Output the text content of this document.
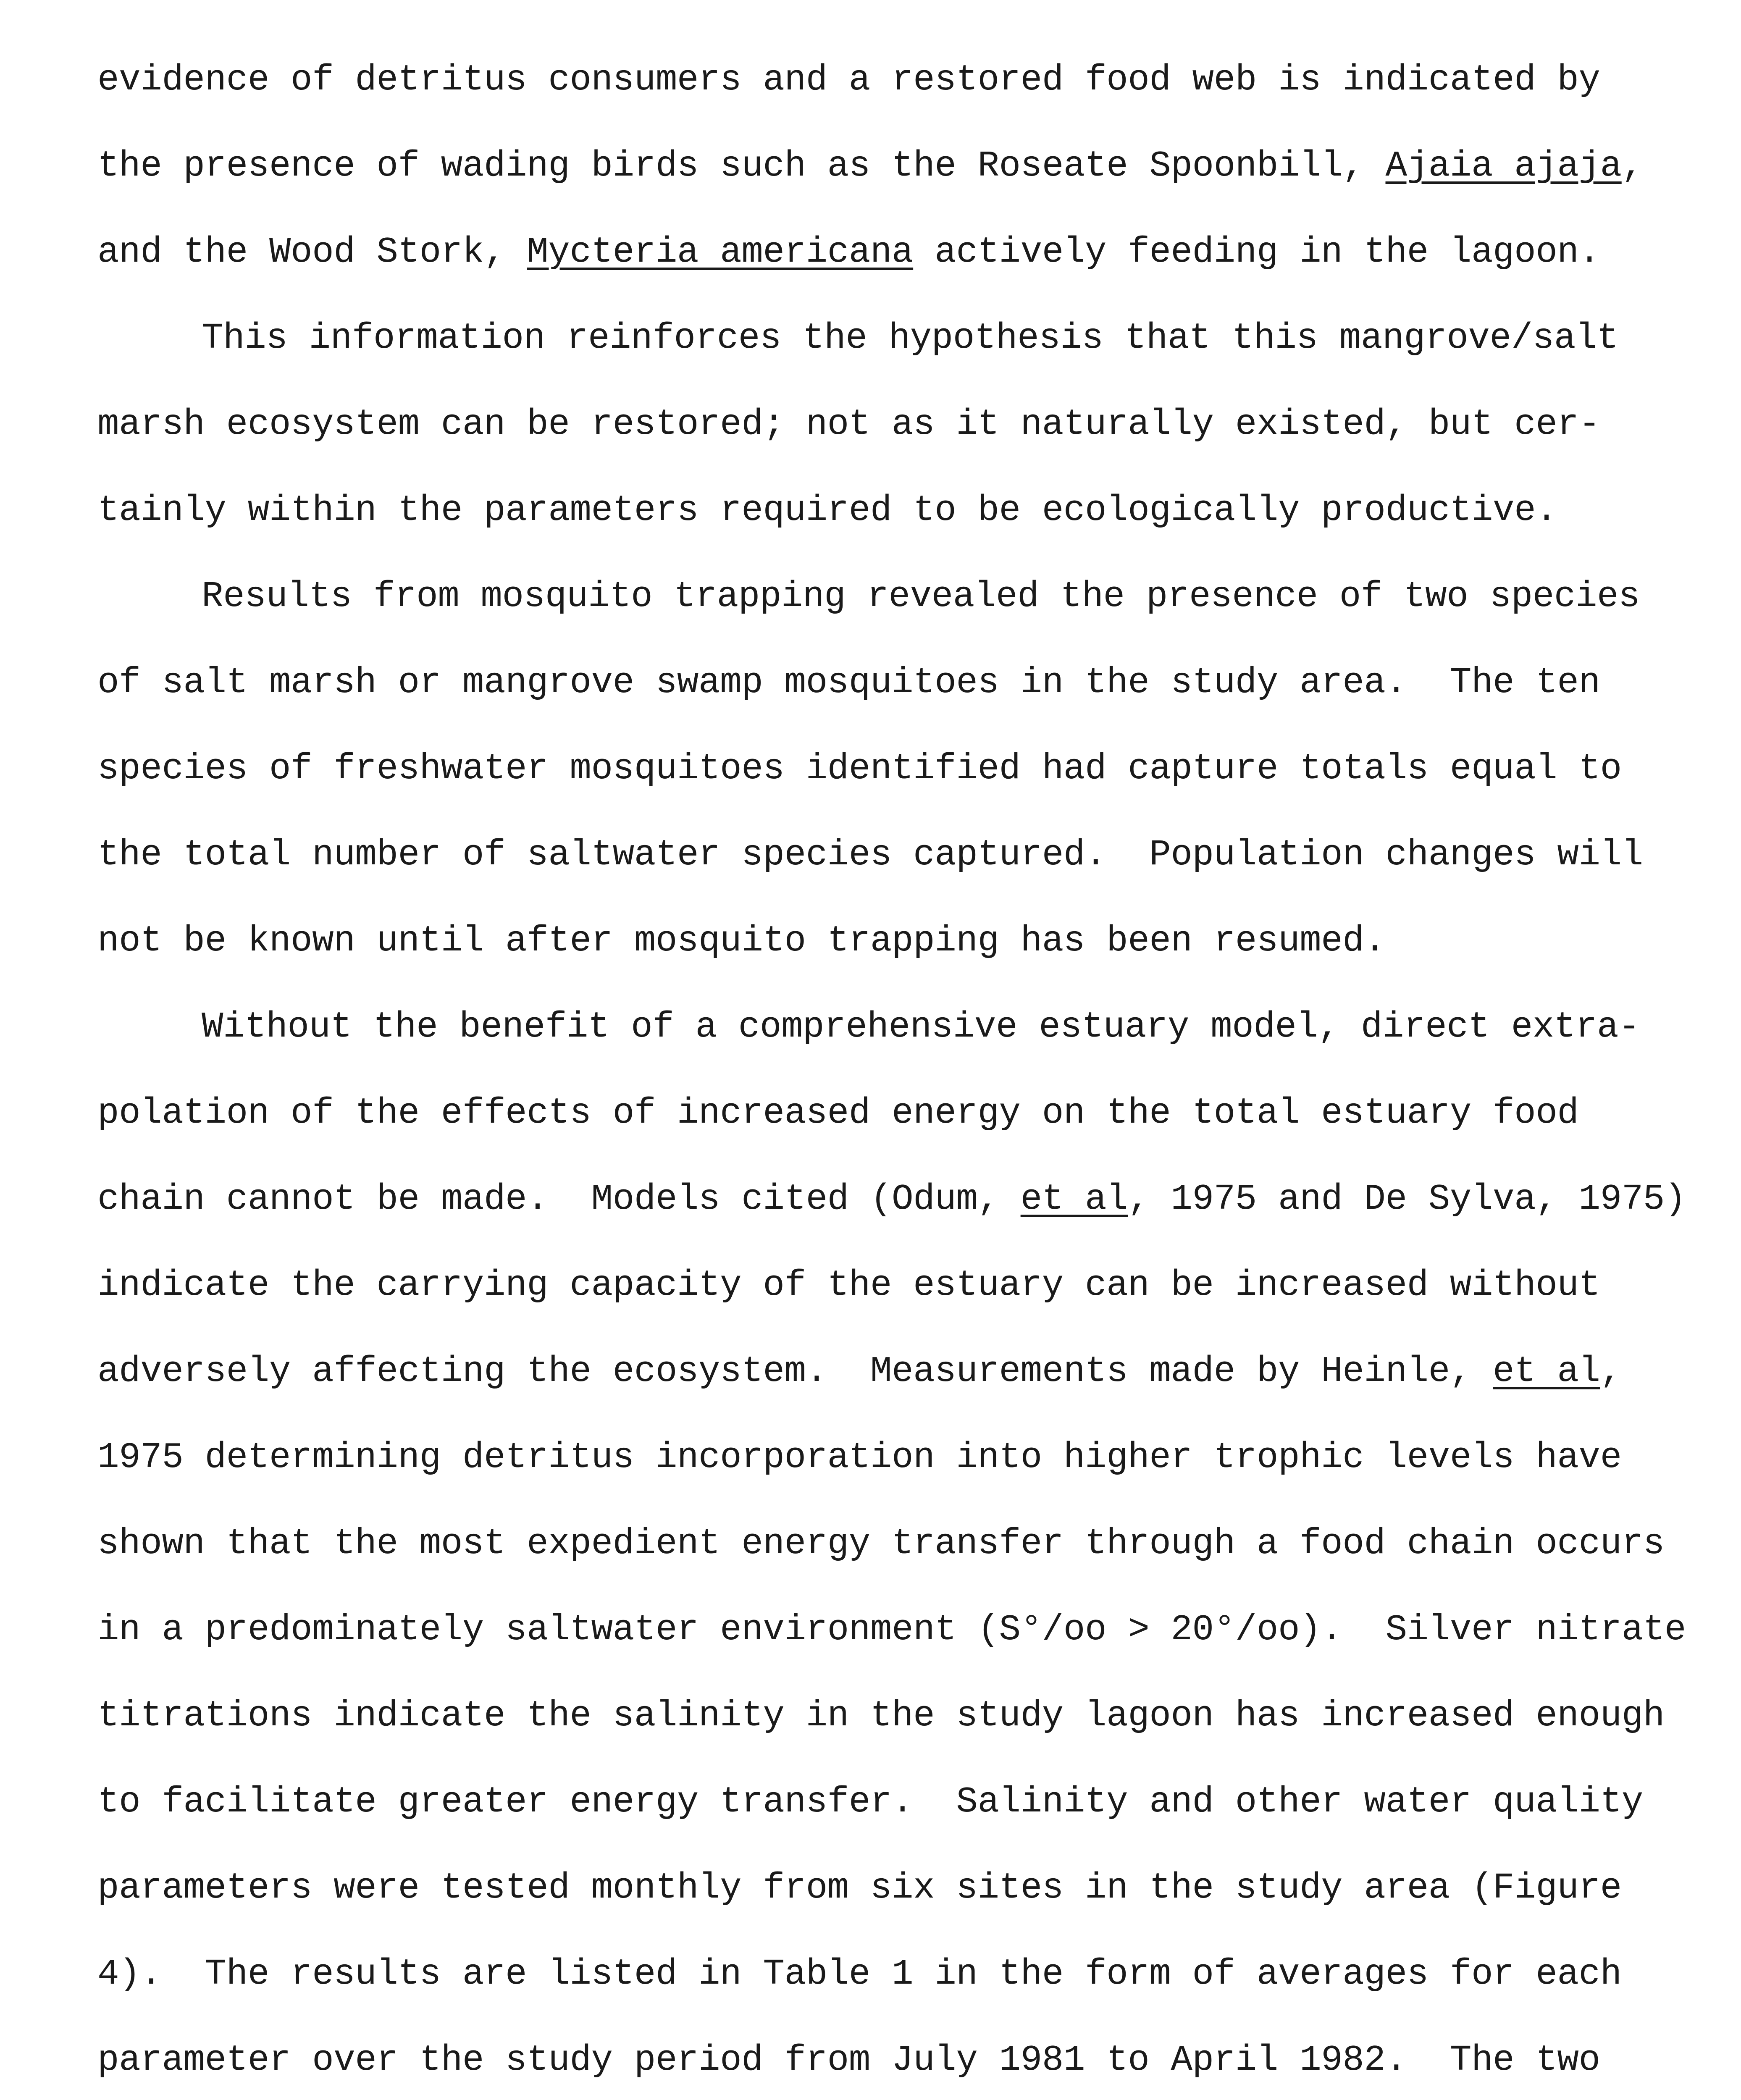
evidence of detritus consumers and a restored food web is indicated by
the presence of wading birds such as the Roseate Spoonbill, Ajaia ajaja,
and the Wood Stork, Mycteria americana actively feeding in the lagoon.
This information reinforces the hypothesis that this mangrove/salt
marsh ecosystem can be restored; not as it naturally existed, but cer-
tainly within the parameters required to be ecologically productive.
Results from mosquito trapping revealed the presence of two species
of salt marsh or mangrove swamp mosquitoes in the study area.  The ten
species of freshwater mosquitoes identified had capture totals equal to
the total number of saltwater species captured.  Population changes will
not be known until after mosquito trapping has been resumed.
Without the benefit of a comprehensive estuary model, direct extra-
polation of the effects of increased energy on the total estuary food
chain cannot be made.  Models cited (Odum, et al, 1975 and De Sylva, 1975)
indicate the carrying capacity of the estuary can be increased without
adversely affecting the ecosystem.  Measurements made by Heinle, et al,
1975 determining detritus incorporation into higher trophic levels have
shown that the most expedient energy transfer through a food chain occurs
in a predominately saltwater environment (S°/oo > 20°/oo).  Silver nitrate
titrations indicate the salinity in the study lagoon has increased enough
to facilitate greater energy transfer.  Salinity and other water quality
parameters were tested monthly from six sites in the study area (Figure
4).  The results are listed in Table 1 in the form of averages for each
parameter over the study period from July 1981 to April 1982.  The two
